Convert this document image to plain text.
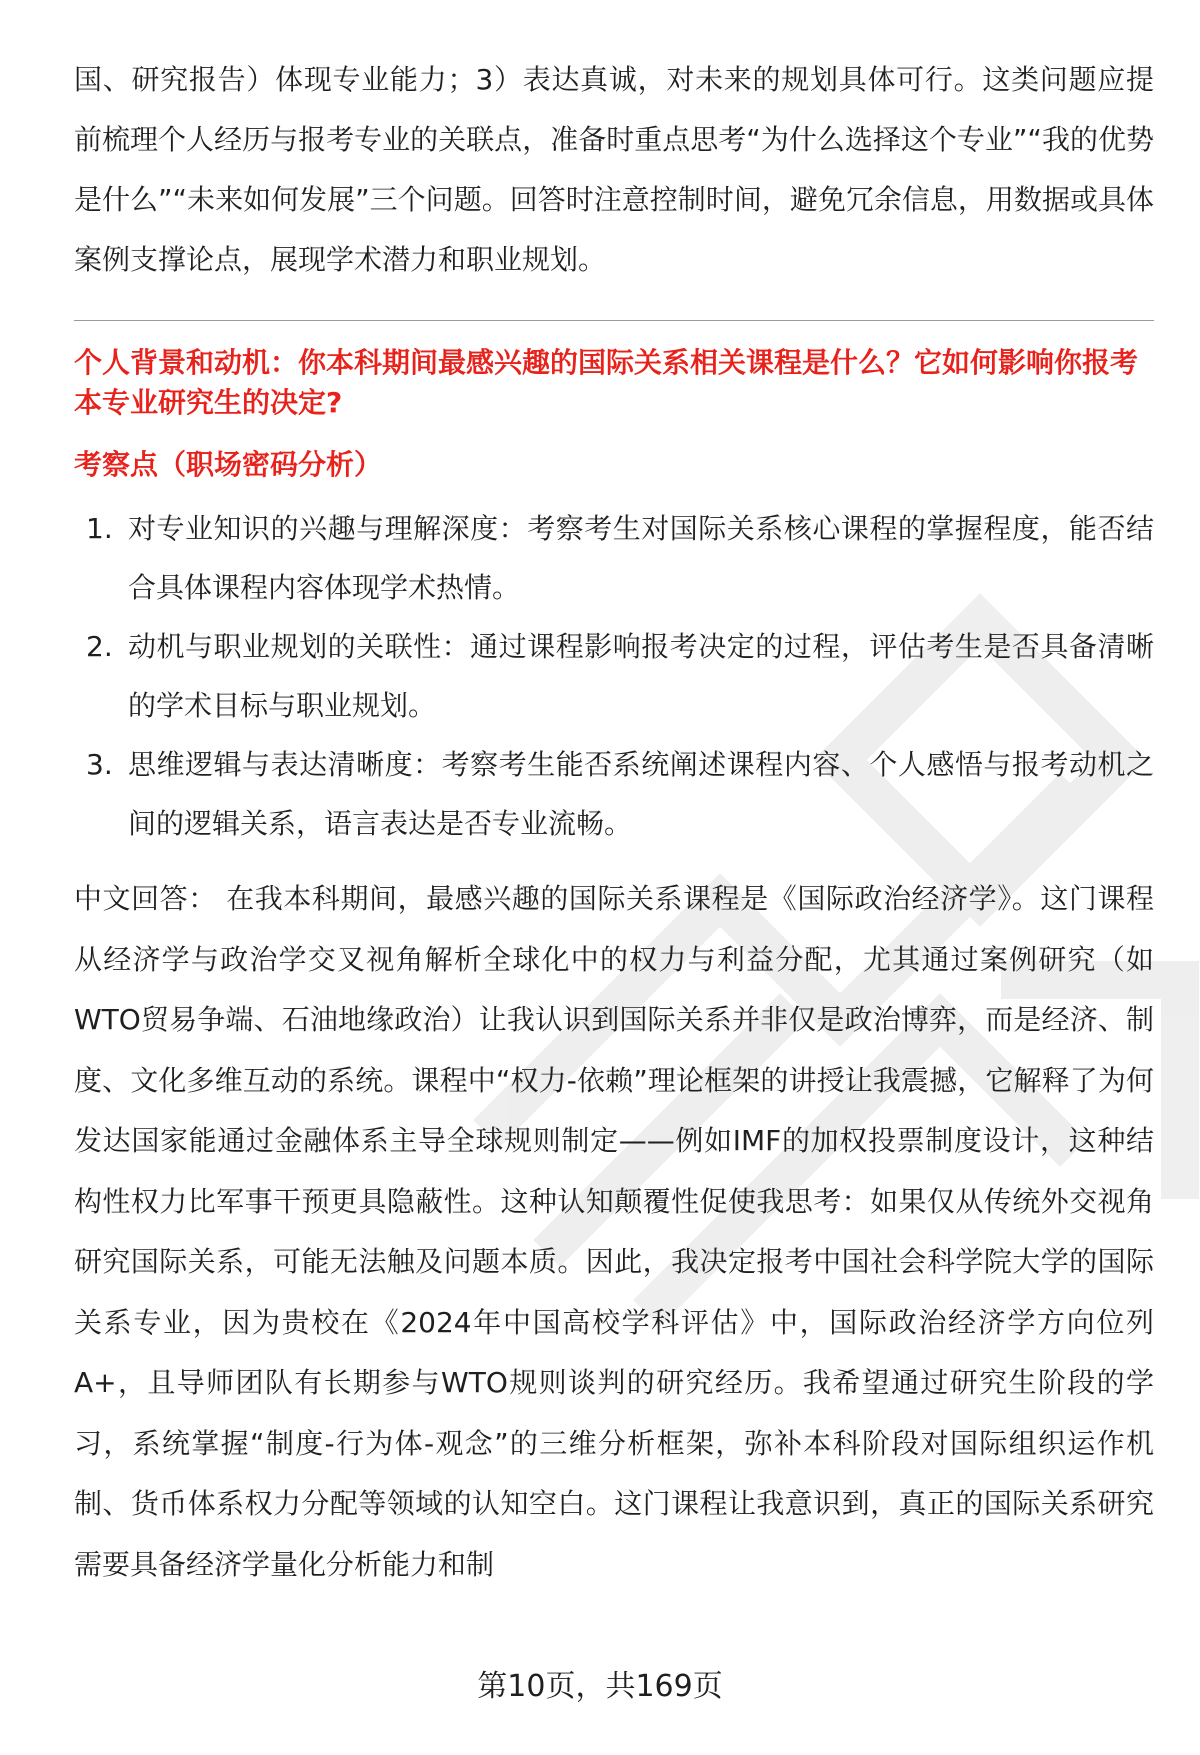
国、研究报告）体现专业能力；3）表达真诚，对未来的规划具体可行。这类问题应提前梳理个人经历与报考专业的关联点，准备时重点思考“为什么选择这个专业”“我的优势是什么”“未来如何发展”三个问题。回答时注意控制时间，避免冗余信息，用数据或具体案例支撑论点，展现学术潜力和职业规划。

个人背景和动机：你本科期间最感兴趣的国际关系相关课程是什么？它如何影响你报考本专业研究生的决定?

考察点（职场密码分析）

1. 对专业知识的兴趣与理解深度：考察考生对国际关系核心课程的掌握程度，能否结合具体课程内容体现学术热情。
2. 动机与职业规划的关联性：通过课程影响报考决定的过程，评估考生是否具备清晰的学术目标与职业规划。
3. 思维逻辑与表达清晰度：考察考生能否系统阐述课程内容、个人感悟与报考动机之间的逻辑关系，语言表达是否专业流畅。

中文回答： 在我本科期间，最感兴趣的国际关系课程是《国际政治经济学》。这门课程从经济学与政治学交叉视角解析全球化中的权力与利益分配，尤其通过案例研究（如WTO贸易争端、石油地缘政治）让我认识到国际关系并非仅是政治博弈，而是经济、制度、文化多维互动的系统。课程中“权力-依赖”理论框架的讲授让我震撼，它解释了为何发达国家能通过金融体系主导全球规则制定——例如IMF的加权投票制度设计，这种结构性权力比军事干预更具隐蔽性。这种认知颠覆性促使我思考：如果仅从传统外交视角研究国际关系，可能无法触及问题本质。因此，我决定报考中国社会科学院大学的国际关系专业，因为贵校在《2024年中国高校学科评估》中，国际政治经济学方向位列A+，且导师团队有长期参与WTO规则谈判的研究经历。我希望通过研究生阶段的学习，系统掌握“制度-行为体-观念”的三维分析框架，弥补本科阶段对国际组织运作机制、货币体系权力分配等领域的认知空白。这门课程让我意识到，真正的国际关系研究需要具备经济学量化分析能力和制

第10页，共169页
